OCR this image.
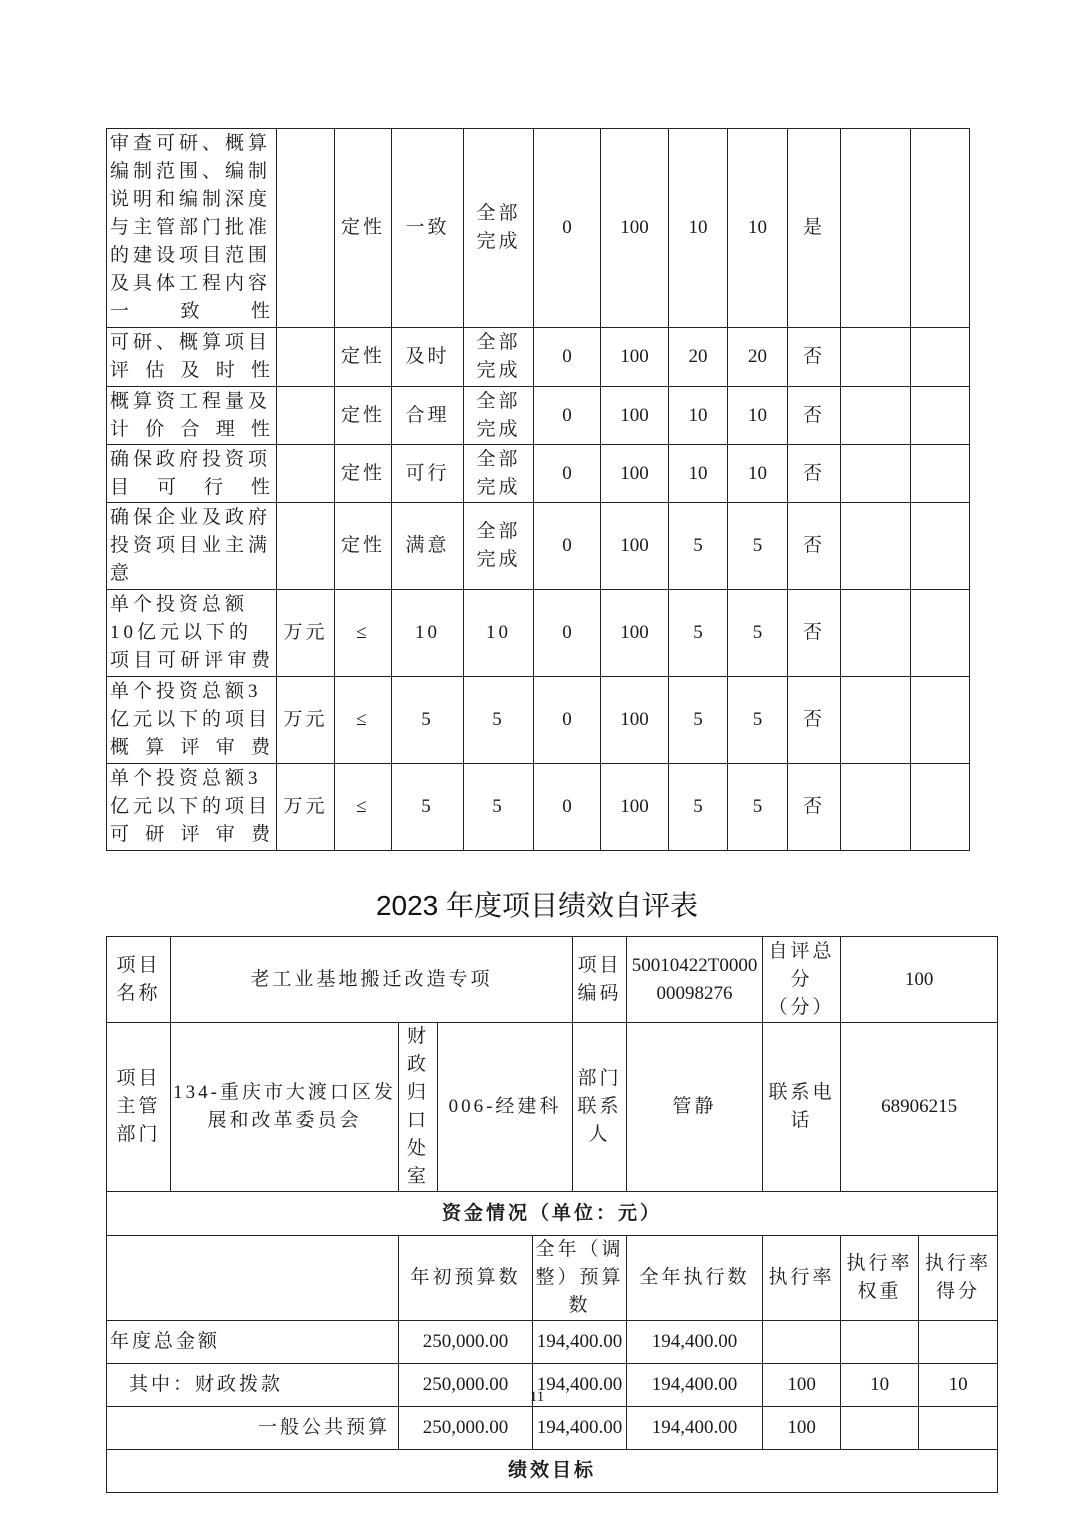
审查可研、概算编制范围、编制说明和编制深度与主管部门批准的建设项目范围及具体工程内容一致性		定性	一致	全部完成	0	100	10	10	是		
可研、概算项目评估及时性		定性	及时	全部完成	0	100	20	20	否		
概算资工程量及计价合理性		定性	合理	全部完成	0	100	10	10	否		
确保政府投资项目可行性		定性	可行	全部完成	0	100	10	10	否		
确保企业及政府投资项目业主满意		定性	满意	全部完成	0	100	5	5	否		
单个投资总额10亿元以下的项目可研评审费	万元	≤	10	10	0	100	5	5	否		
单个投资总额3亿元以下的项目概算评审费	万元	≤	5	5	0	100	5	5	否		
单个投资总额3亿元以下的项目可研评审费	万元	≤	5	5	0	100	5	5	否		
2023 年度项目绩效自评表
项目名称	老工业基地搬迁改造专项				项目编码	50010422T000000098276	自评总分（分）	100	
项目主管部门	134-重庆市大渡口区发展和改革委员会	财政归口处室	006-经建科		部门联系人	管静	联系电话	68906215	
资金情况（单位：元）									
		年初预算数		全年（调整）预算数		全年执行数	执行率	执行率权重	执行率得分
年度总金额		250,000.00		194,400.00		194,400.00			
其中：财政拨款		250,000.00		194,400.00		194,400.00	100	10	10
一般公共预算		250,000.00		194,400.00		194,400.00	100		
绩效目标									
11
